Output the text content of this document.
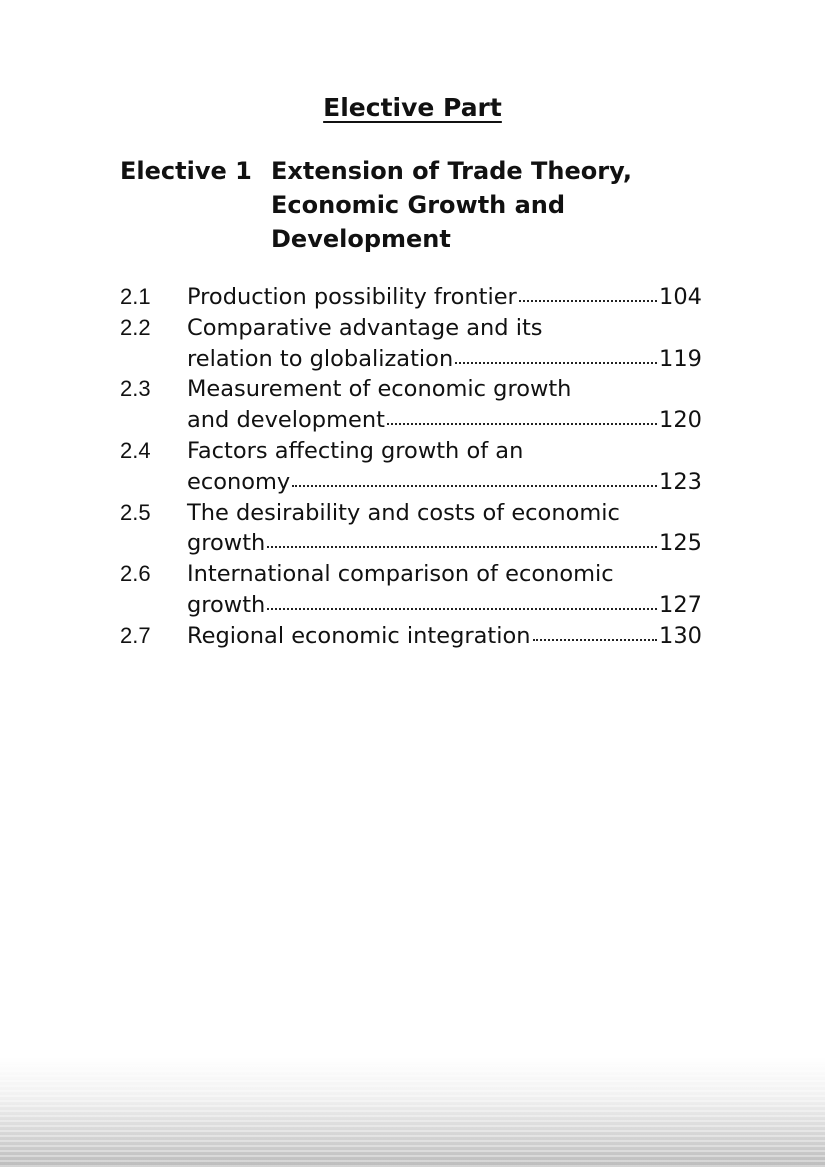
Elective Part
Elective 1 Extension of Trade Theory,
Economic Growth and
Development
2.1 Production possibility frontier	104
2.2 Comparative advantage and its
relation to globalization	119
2.3 Measurement of economic growth
and development	120
2.4 Factors affecting growth of an
economy	123
2.5 The desirability and costs of economic
growth	125
2.6 International comparison of economic
growth	127
2.7 Regional economic integration	130
